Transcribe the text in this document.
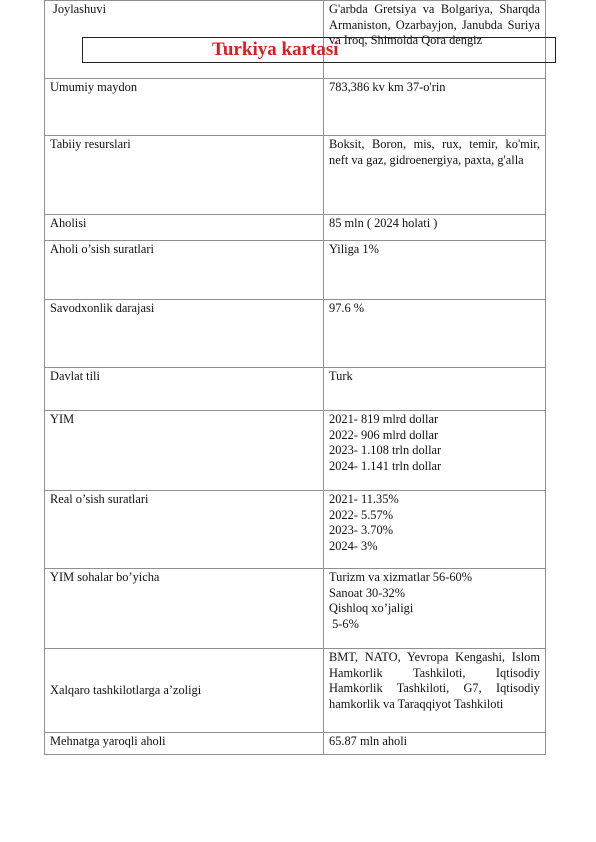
Joylashuvi	G'arbda Gretsiya va Bolgariya, Sharqda Armaniston, Ozarbayjon, Janubda Suriya va Iroq, Shimolda Qora dengiz
Umumiy maydon	783,386 kv km 37-o'rin
Tabiiy resurslari	Boksit, Boron, mis, rux, temir, ko'mir, neft va gaz, gidroenergiya, paxta, g'alla
Aholisi	85 mln ( 2024 holati )
Aholi o’sish suratlari	Yiliga 1%
Savodxonlik darajasi	97.6 %
Davlat tili	Turk
YIM	2021- 819 mlrd dollar
2022- 906 mlrd dollar
2023- 1.108 trln dollar
2024- 1.141 trln dollar

Real o’sish suratlari	2021- 11.35%
2022- 5.57%
2023- 3.70%
2024- 3%

YIM sohalar bo’yicha	Turizm va xizmatlar 56-60%
Sanoat 30-32%
Qishloq xo’jaligi
5-6%

Xalqaro tashkilotlarga a’zoligi	BMT, NATO, Yevropa Kengashi, Islom Hamkorlik Tashkiloti, Iqtisodiy Hamkorlik Tashkiloti, G7, Iqtisodiy hamkorlik va Taraqqiyot Tashkiloti
Mehnatga yaroqli aholi	65.87 mln aholi
Turkiya kartasi
